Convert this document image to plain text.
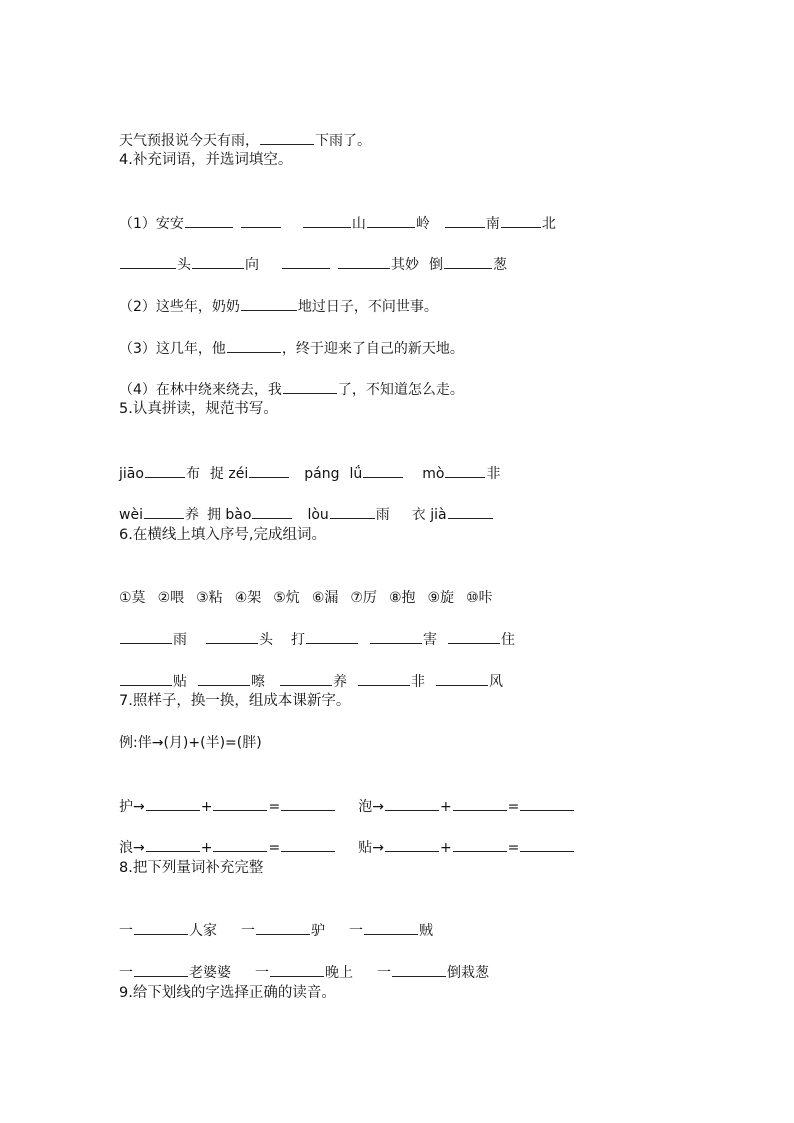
天气预报说今天有雨，	下雨了。

4.补充词语，并选词填空。

（1）安安	山	岭	南	北

头	向	其妙 倒	葱

（2）这些年，奶奶	地过日子，不问世事。

（3）这几年，他	，终于迎来了自己的新天地。

（4）在林中绕来绕去，我	了，不知道怎么走。

5.认真拼读，规范书写。

jiāo	布 捉 zéi	páng lǘ	mò	非

wèi	养 拥 bào	lòu	雨 衣 jià

6.在横线上填入序号,完成组词。

①莫 ②喂 ③粘 ④架 ⑤炕 ⑥漏 ⑦厉 ⑧抱 ⑨旋 ⑩咔

雨	头 打	害	住

贴	嚓	养	非	风

7.照样子，换一换，组成本课新字。
例:伴→(月)+(半)=(胖)

护→	+	=	泡→	+	=

浪→	+	=	贴→	+	=

8.把下列量词补充完整

一	人家 一	驴 一	贼

一	老婆婆 一	晚上 一	倒栽葱

9.给下划线的字选择正确的读音。
